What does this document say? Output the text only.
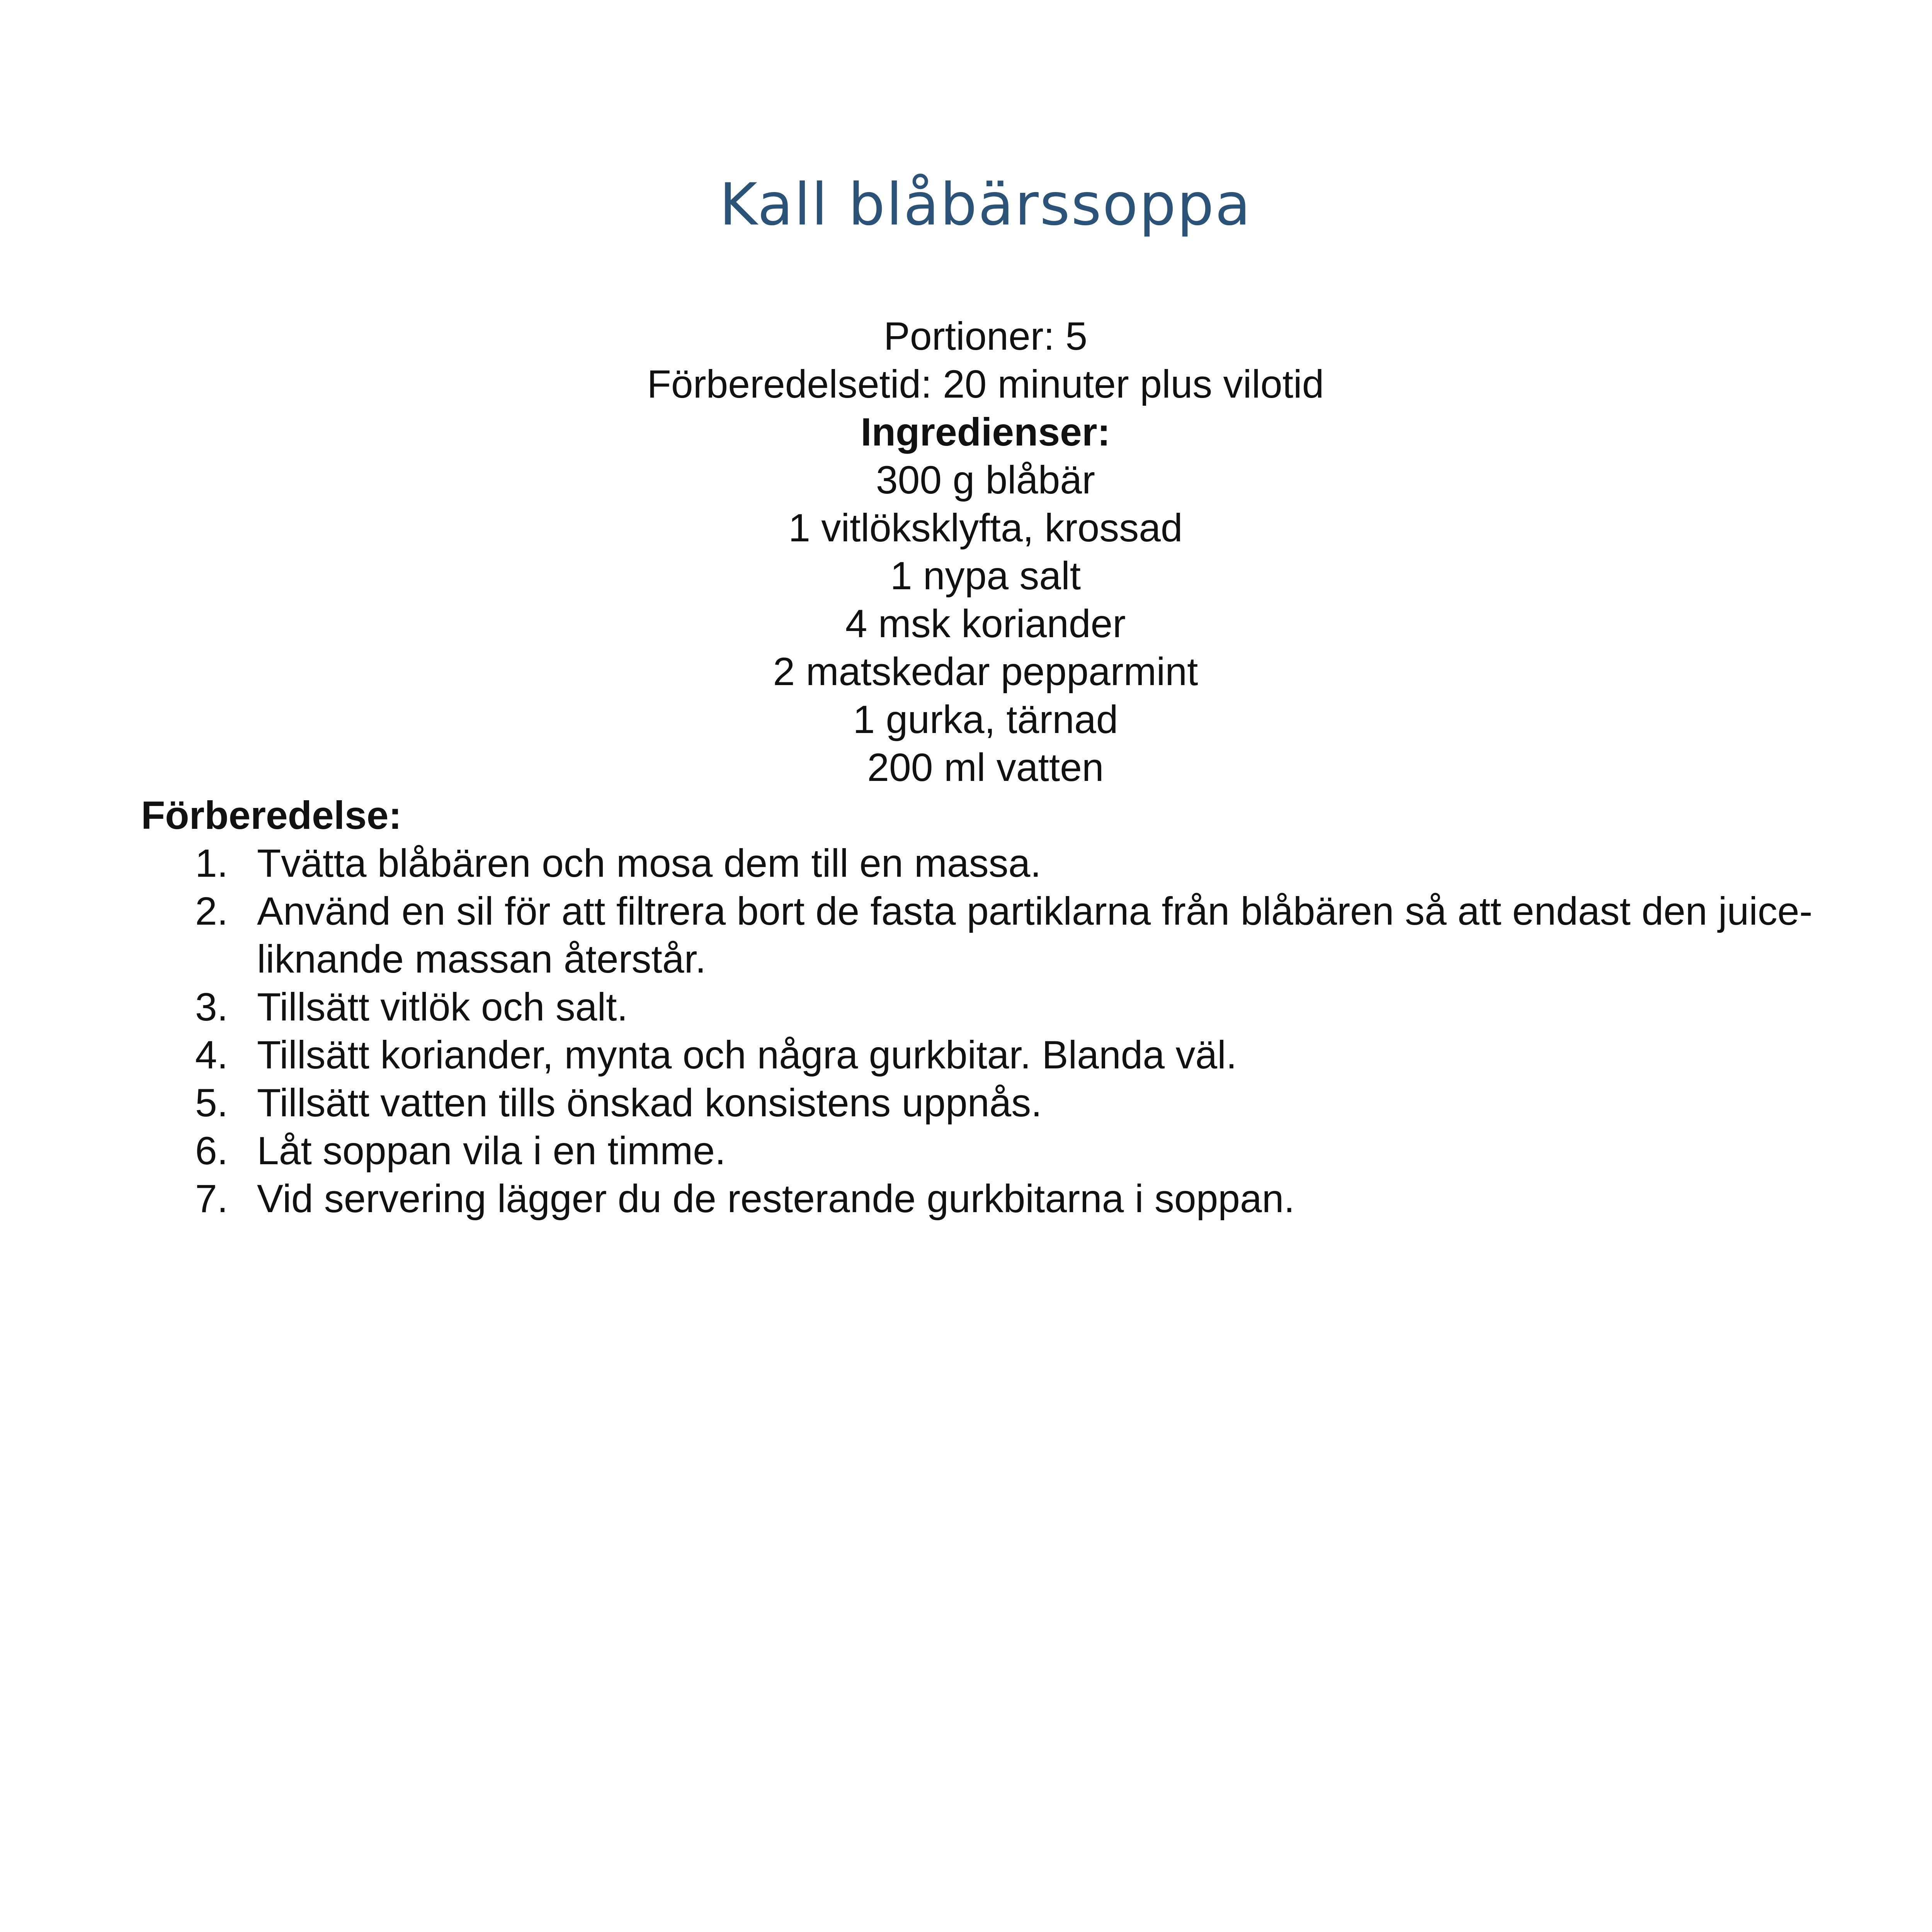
Kall blåbärssoppa
Portioner: 5
Förberedelsetid: 20 minuter plus vilotid
Ingredienser:
300 g blåbär
1 vitlöksklyfta, krossad
1 nypa salt
4 msk koriander
2 matskedar pepparmint
1 gurka, tärnad
200 ml vatten
Förberedelse:
1. Tvätta blåbären och mosa dem till en massa.
2. Använd en sil för att filtrera bort de fasta partiklarna från blåbären så att endast den juice-liknande massan återstår.
3. Tillsätt vitlök och salt.
4. Tillsätt koriander, mynta och några gurkbitar. Blanda väl.
5. Tillsätt vatten tills önskad konsistens uppnås.
6. Låt soppan vila i en timme.
7. Vid servering lägger du de resterande gurkbitarna i soppan.
